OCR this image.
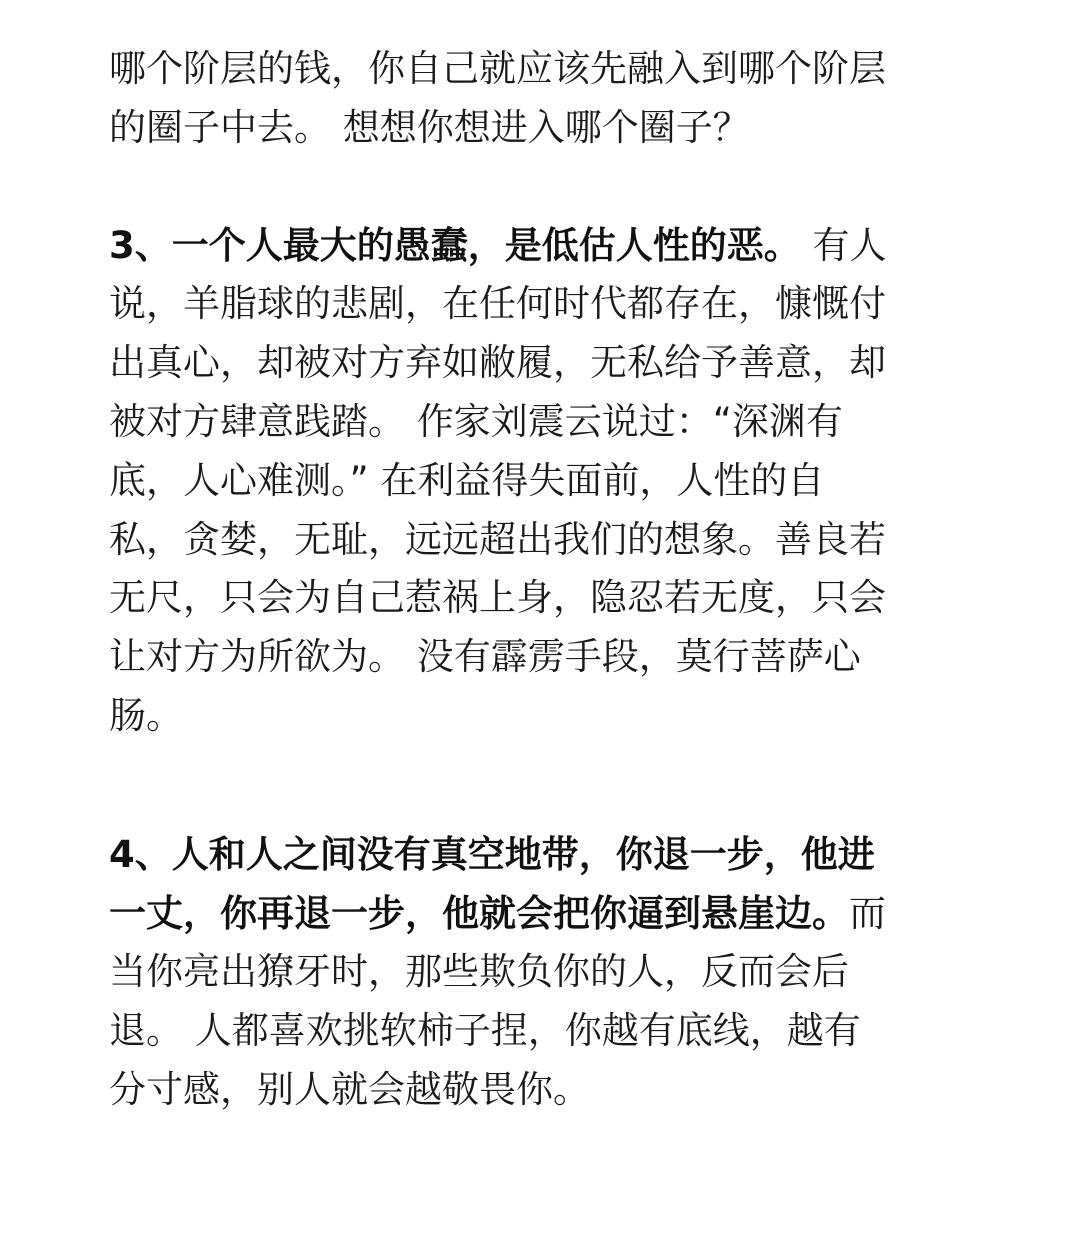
哪个阶层的钱，你自己就应该先融入到哪个阶层
的圈子中去。 想想你想进入哪个圈子？
3、一个人最大的愚蠢，是低估人性的恶。 有人
说，羊脂球的悲剧，在任何时代都存在，慷慨付
出真心，却被对方弃如敝履，无私给予善意，却
被对方肆意践踏。 作家刘震云说过：“深渊有
底，人心难测。” 在利益得失面前，人性的自
私，贪婪，无耻，远远超出我们的想象。善良若
无尺，只会为自己惹祸上身，隐忍若无度，只会
让对方为所欲为。 没有霹雳手段，莫行菩萨心
肠。
4、人和人之间没有真空地带，你退一步，他进
一丈，你再退一步，他就会把你逼到悬崖边。而
当你亮出獠牙时，那些欺负你的人，反而会后
退。 人都喜欢挑软柿子捏，你越有底线，越有
分寸感，别人就会越敬畏你。
